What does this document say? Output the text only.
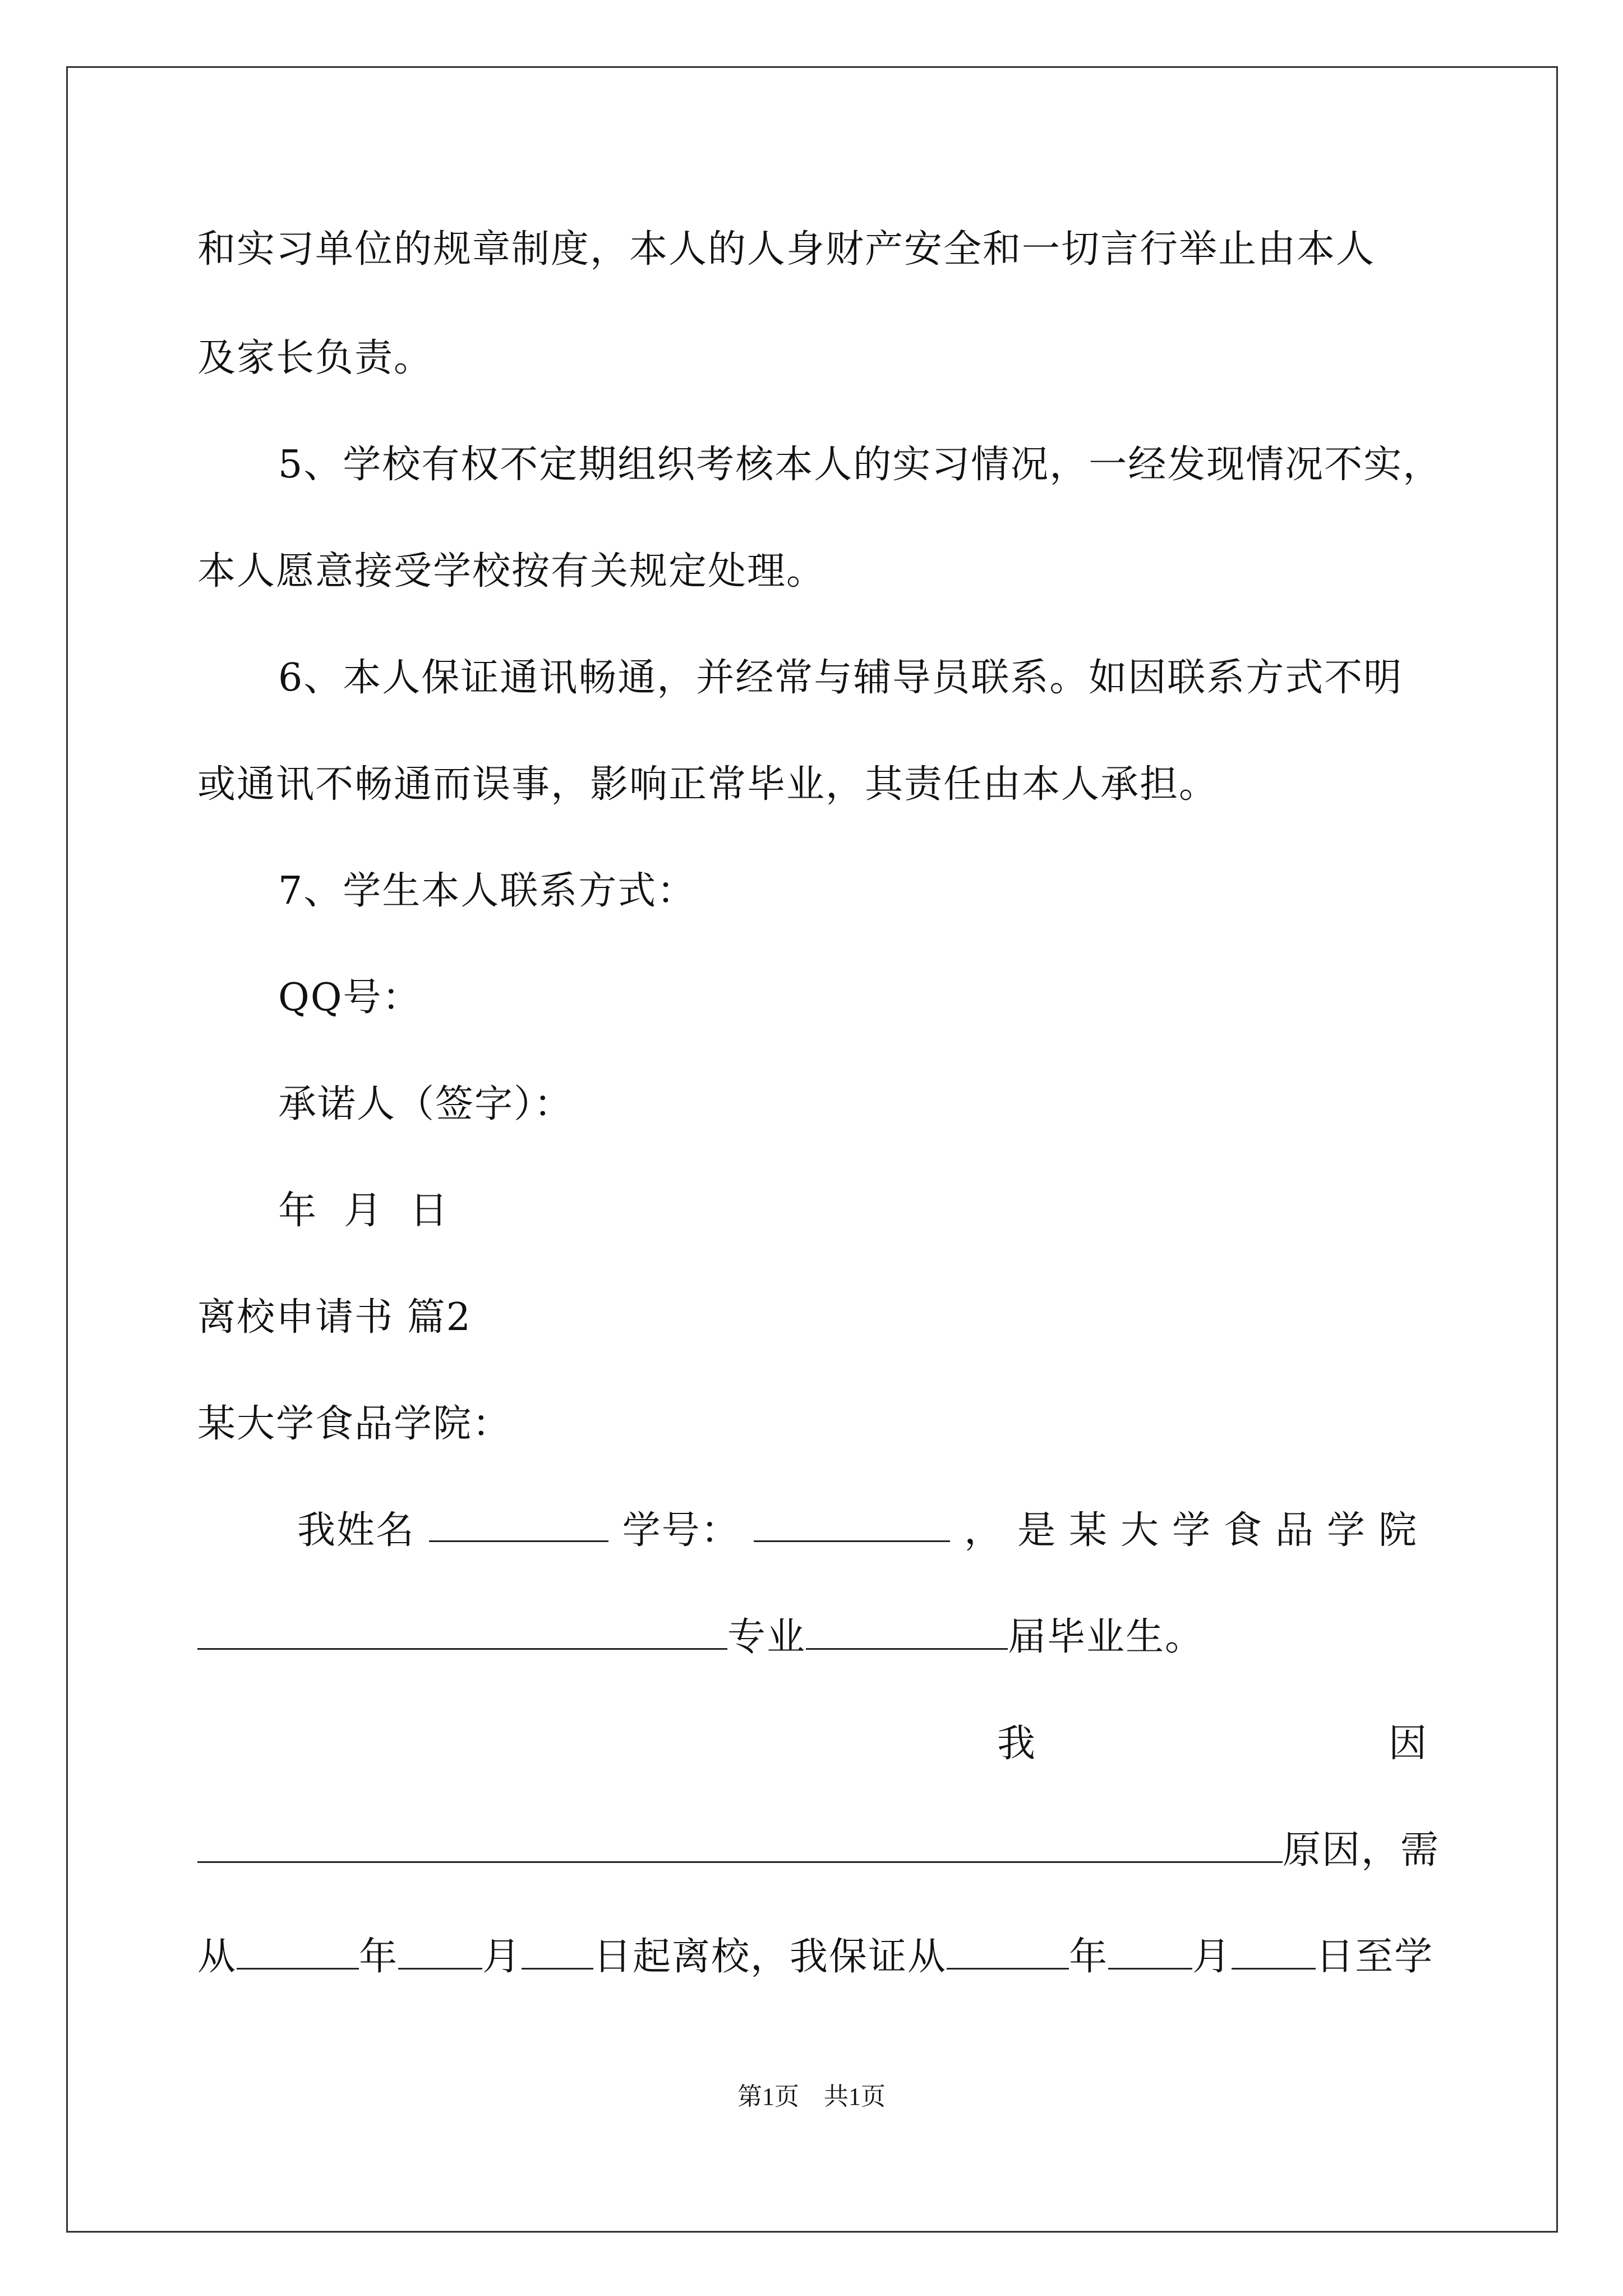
和实习单位的规章制度，本人的人身财产安全和一切言行举止由本人
及家长负责。
5、学校有权不定期组织考核本人的实习情况，一经发现情况不实，
本人愿意接受学校按有关规定处理。
6、本人保证通讯畅通，并经常与辅导员联系。如因联系方式不明
或通讯不畅通而误事，影响正常毕业，其责任由本人承担。
7、学生本人联系方式：
QQ号：
承诺人（签字）：
年  月  日
离校申请书 篇2
某大学食品学院：
我姓名	学号：	， 是某大学食品学院
专业	届毕业生。
我	因
原因，需
从	年 月 日起离校，我保证从	年 月 日至学
第1页 共1页
